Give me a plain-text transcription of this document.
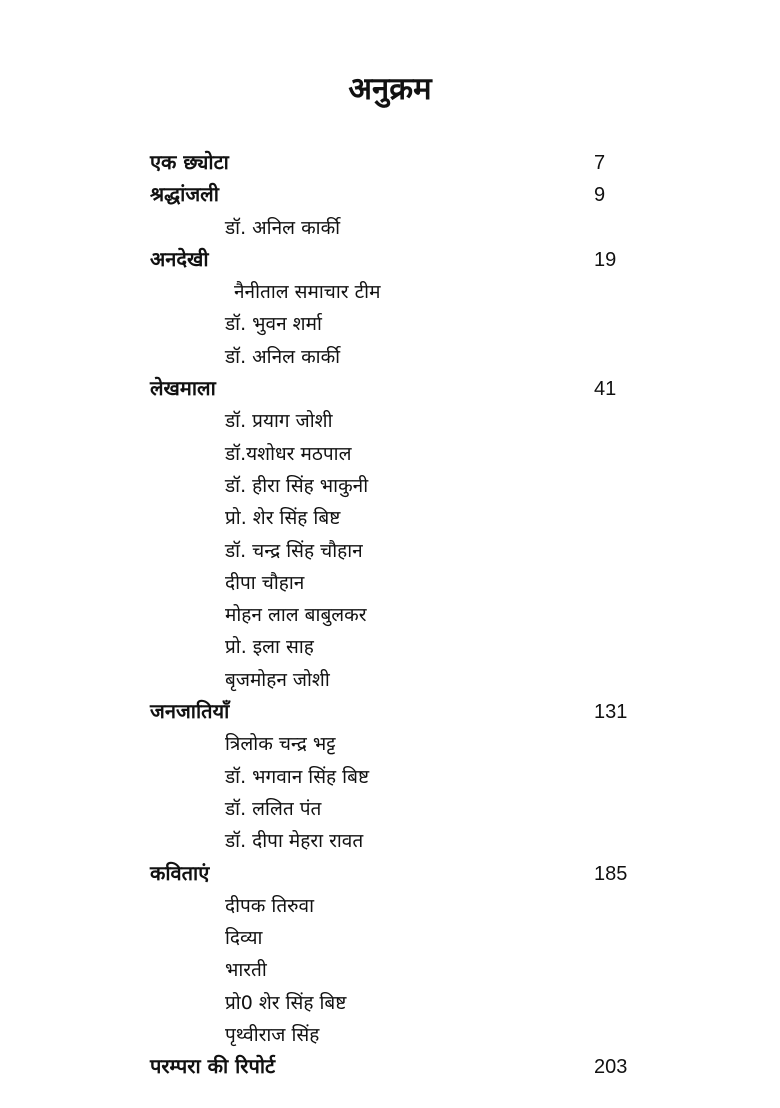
अनुक्रम
एक छ्योटा	7
श्रद्धांजली	9
डॉ. अनिल कार्की
अनदेखी	19
नैनीताल समाचार टीम
डॉ. भुवन शर्मा
डॉ. अनिल कार्की
लेखमाला	41
डॉ. प्रयाग जोशी
डॉ.यशोधर मठपाल
डॉ. हीरा सिंह भाकुनी
प्रो. शेर सिंह बिष्ट
डॉ. चन्द्र सिंह चौहान
दीपा चौहान
मोहन लाल बाबुलकर
प्रो. इला साह
बृजमोहन जोशी
जनजातियाँ	131
त्रिलोक चन्द्र भट्ट
डॉ. भगवान सिंह बिष्ट
डॉ. ललित पंत
डॉ. दीपा मेहरा रावत
कविताएं	185
दीपक तिरुवा
दिव्या
भारती
प्रो0 शेर सिंह बिष्ट
पृथ्वीराज सिंह
परम्परा की रिपोर्ट	203
